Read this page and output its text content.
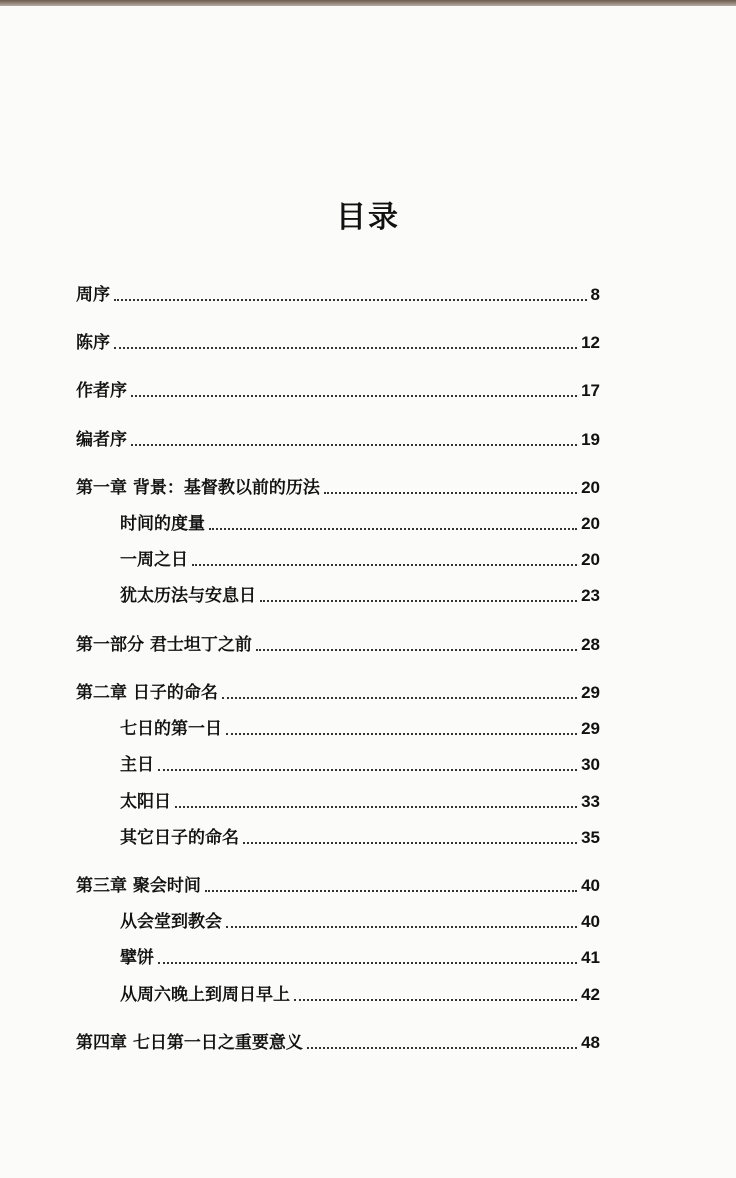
目录
周序	8
陈序	12
作者序	17
编者序	19
第一章 背景：基督教以前的历法	20
时间的度量	20
一周之日	20
犹太历法与安息日	23
第一部分 君士坦丁之前	28
第二章 日子的命名	29
七日的第一日	29
主日	30
太阳日	33
其它日子的命名	35
第三章 聚会时间	40
从会堂到教会	40
擘饼	41
从周六晚上到周日早上	42
第四章 七日第一日之重要意义	48
